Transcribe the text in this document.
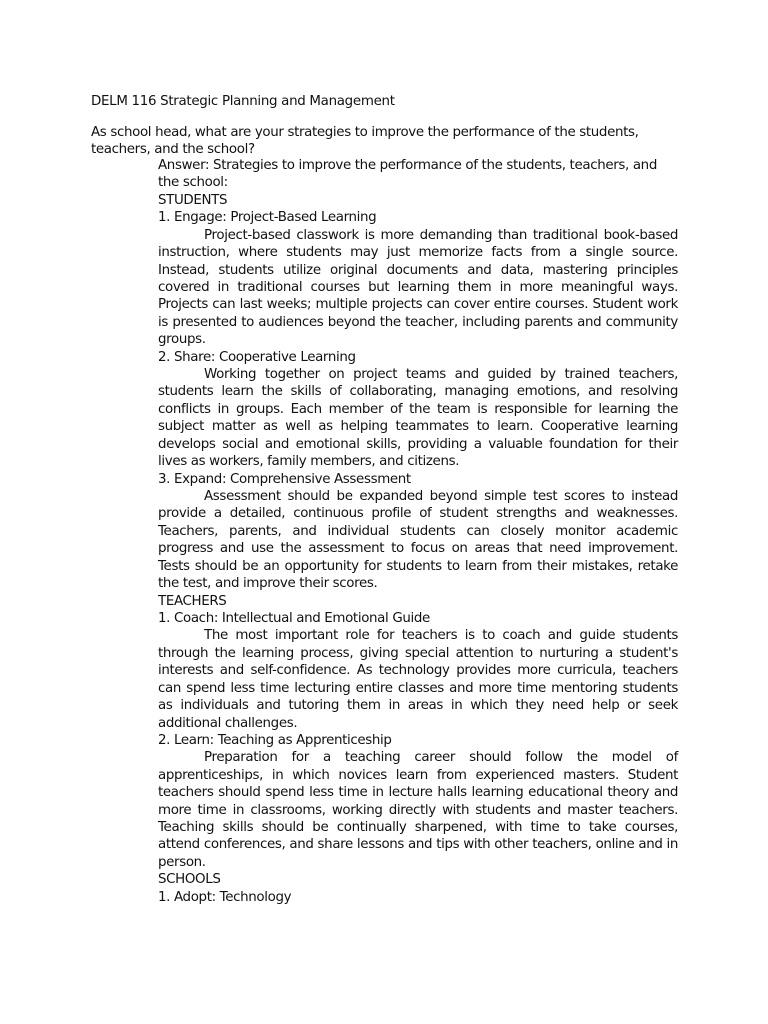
DELM 116 Strategic Planning and Management
As school head, what are your strategies to improve the performance of the students, teachers, and the school?
Answer: Strategies to improve the performance of the students, teachers, and the school:
STUDENTS
1. Engage: Project-Based Learning
Project-based classwork is more demanding than traditional book-based instruction, where students may just memorize facts from a single source. Instead, students utilize original documents and data, mastering principles covered in traditional courses but learning them in more meaningful ways. Projects can last weeks; multiple projects can cover entire courses. Student work is presented to audiences beyond the teacher, including parents and community groups.
2. Share: Cooperative Learning
Working together on project teams and guided by trained teachers, students learn the skills of collaborating, managing emotions, and resolving conflicts in groups. Each member of the team is responsible for learning the subject matter as well as helping teammates to learn. Cooperative learning develops social and emotional skills, providing a valuable foundation for their lives as workers, family members, and citizens.
3. Expand: Comprehensive Assessment
Assessment should be expanded beyond simple test scores to instead provide a detailed, continuous profile of student strengths and weaknesses. Teachers, parents, and individual students can closely monitor academic progress and use the assessment to focus on areas that need improvement. Tests should be an opportunity for students to learn from their mistakes, retake the test, and improve their scores.
TEACHERS
1. Coach: Intellectual and Emotional Guide
The most important role for teachers is to coach and guide students through the learning process, giving special attention to nurturing a student's interests and self-confidence. As technology provides more curricula, teachers can spend less time lecturing entire classes and more time mentoring students as individuals and tutoring them in areas in which they need help or seek additional challenges.
2. Learn: Teaching as Apprenticeship
Preparation for a teaching career should follow the model of apprenticeships, in which novices learn from experienced masters. Student teachers should spend less time in lecture halls learning educational theory and more time in classrooms, working directly with students and master teachers. Teaching skills should be continually sharpened, with time to take courses, attend conferences, and share lessons and tips with other teachers, online and in person.
SCHOOLS
1. Adopt: Technology
